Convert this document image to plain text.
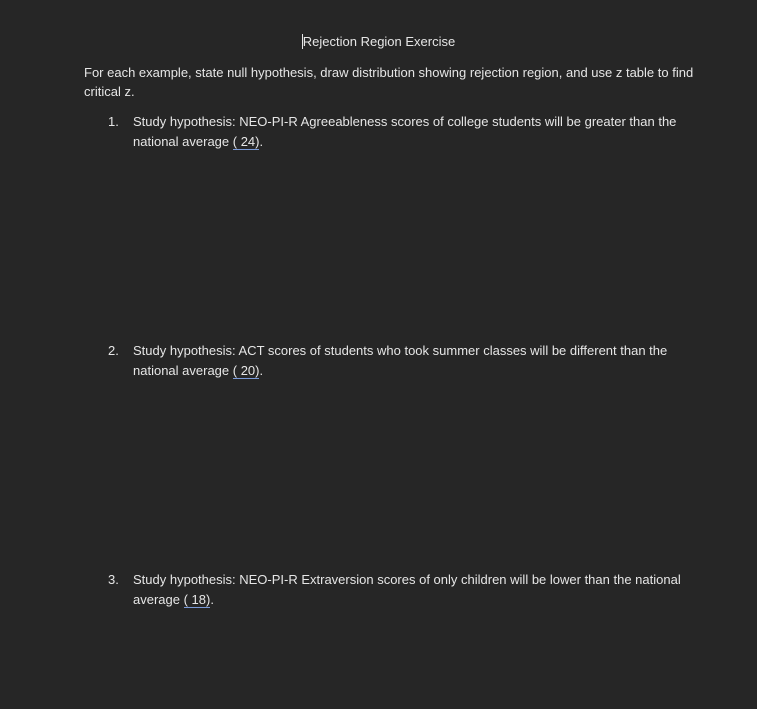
Rejection Region Exercise
For each example, state null hypothesis, draw distribution showing rejection region, and use z table to find critical z.
1.	Study hypothesis: NEO-PI-R Agreeableness scores of college students will be greater than the national average ( 24).
2.	Study hypothesis: ACT scores of students who took summer classes will be different than the national average ( 20).
3.	Study hypothesis: NEO-PI-R Extraversion scores of only children will be lower than the national average ( 18).
